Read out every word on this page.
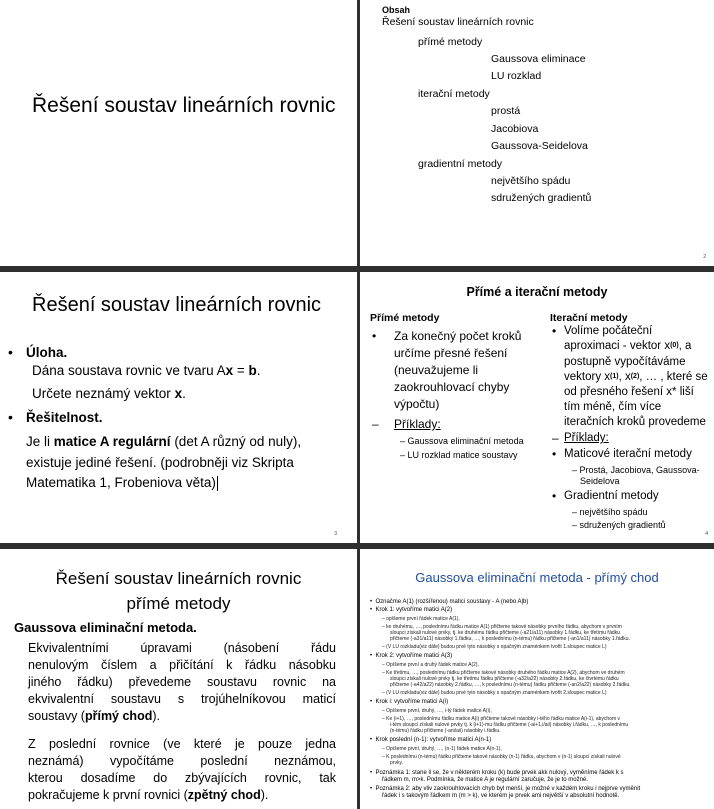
Řešení soustav lineárních rovnic
Obsah
Řešení soustav lineárních rovnic
přímé metody
Gaussova eliminace
LU rozklad
iterační metody
prostá
Jacobiova
Gaussova-Seidelova
gradientní metody
největšího spádu
sdružených gradientů
2
Řešení soustav lineárních rovnic
• Úloha.
Dána soustava rovnic ve tvaru Ax = b.
Určete neznámý vektor x.
• Řešitelnost.
Je li matice A regulární (det A různý od nuly),
existuje jediné řešení. (podrobněji viz Skripta
Matematika 1, Frobeniova věta)
3
Přímé a iterační metody
Přímé metody	Iterační metody
• Za konečný počet kroků
určíme přesné řešení
(neuvažujeme li
zaokrouhlovací chyby
výpočtu)
– Příklady:
– Gaussova eliminační metoda
– LU rozklad matice soustavy
• Volíme počáteční
aproximaci - vektor $x^{(0)}$, a
postupně vypočítáváme
vektory $x^{(1)}$, $x^{(2)}$, … , které se
od přesného řešení x* liší
tím méně, čím více
iteračních kroků provedeme
– Příklady:
• Maticové iterační metody
– Prostá, Jacobiova, Gaussova-
Seidelova
• Gradientní metody
– největšího spádu
– sdružených gradientů
4
Řešení soustav lineárních rovnic
přímé metody
Gaussova eliminační metoda.
Ekvivalentními úpravami (násobení řádu
nenulovým číslem a přičítání k řádku násobku
jiného řádku) převedeme soustavu rovnic na
ekvivalentní soustavu s trojúhelníkovou maticí
soustavy (přímý chod).
Z poslední rovnice (ve které je pouze jedna
neznámá) vypočítáme poslední neznámou,
kterou dosadíme do zbývajících rovnic, tak
pokračujeme k první rovnici (zpětný chod).
Gaussova eliminační metoda - přímý chod
•  Označme A(1) (rozšířenou) matici soustavy - A (nebo A|b)
•  Krok 1: vytvoříme matici A(2)
– opíšeme první řádek matice A(1),
– ke druhému, …, poslednímu řádku matice A(1) přičteme takové násobky prvního řádku, abychom v prvním
sloupci získali nulové prvky, tj. ke druhému řádku přičteme (-a21/a11) násobky 1.řádku, ke třetímu řádku
přičteme (-a31/a11) násobky 1.řádku, …, k poslednímu (n-tému) řádku přičteme (-an1/a11) násobky 1.řádku.
– (V LU rozkladu(viz dále) budou prvé tyto násobky s opačným znaménkem tvořit 1.sloupec matice L)
•  Krok 2: vytvoříme matici A(3)
– Opíšeme první a druhý řádek matice A(2),
– Ke třetímu, …, poslednímu řádku přičteme takové násobky druhého řádku matice A(2), abychom ve druhém
sloupci získali nulové prvky tj. ke třetímu řádku přičteme (-a32/a22) násobky 2.řádku, ke čtvrtému řádku
přičteme (-a42/a22) násobky 2.řádku, …, k poslednímu (n-tému) řádku přičteme (-an2/a22) násobky 2.řádku.
– (V LU rozkladu(viz dále) budou prvé tyto násobky s opačným znaménkem tvořit 2.sloupec matice L)
•  Krok i: vytvoříme matici A(i)
– Opíšeme první, druhý, …, i-tý řádek matice A(i),
– Ke (i+1), …, poslednímu řádku matice A(i) přičteme takové násobky i-tého řádku matice A(i-1), abychom v
i-tém sloupci získali nulové prvky tj. k (i+1)-mu řádku přičteme (-ai+1,i/aii) násobky i.řádku, …, k poslednímu
(n-tému) řádku přičteme (-ani/aii) násobky i.řádku.
•  Krok poslední (n-1): vytvoříme matici A(n-1)
– Opíšeme první, druhý, …, (n-1) řádek matice A(n-1),
– K poslednímu (n-tému) řádku přičteme takové násobky (n-1) řádku, abychom v (n-1) sloupci získali nulové
prvky.
•  Poznámka 1: stane li se, že v některém kroku (k) bude prvek akk nulový, vyměníme řádek k s
řádkem m, m>k. Podmínka, že matice A je regulární zaručuje, že je to možné.
•  Poznámka 2: aby vliv zaokrouhlovacích chyb byl menší, je možné v každém kroku i nejprve vyměnit
řádek i s takovým řádkem m (m > k), ve kterém je prvek ami největší v absolutní hodnotě.
